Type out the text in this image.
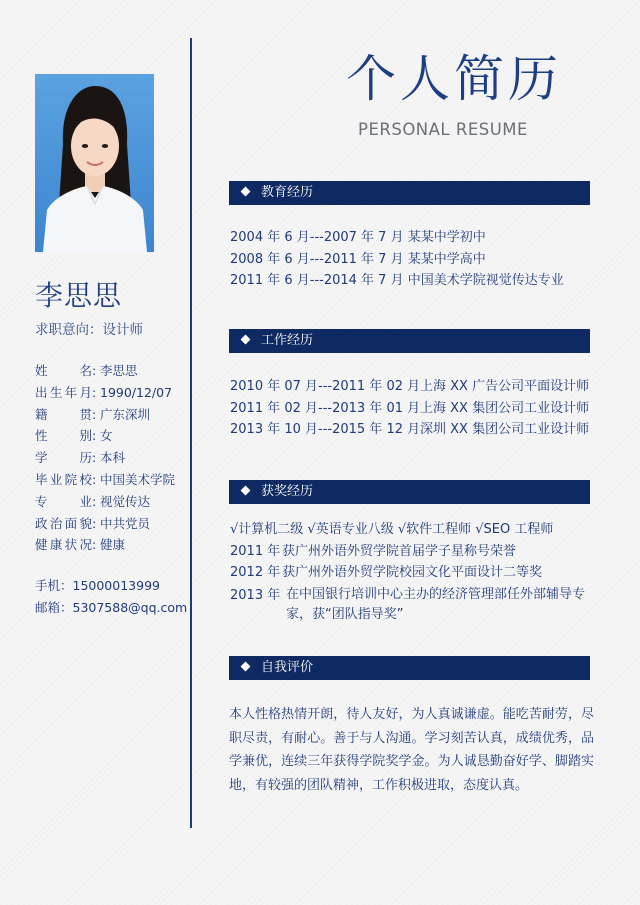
李思思
求职意向：设计师
姓名 : 李思思
出生年月 : 1990/12/07
籍贯 : 广东深圳
性别 : 女
学历 : 本科
毕业院校 : 中国美术学院
专业 : 视觉传达
政治面貌 : 中共党员
健康状况 : 健康
手机：15000013999
邮箱：5307588@qq.com
个人简历
PERSONAL RESUME
教育经历
2004 年 6 月---2007 年 7 月 某某中学初中
2008 年 6 月---2011 年 7 月 某某中学高中
2011 年 6 月---2014 年 7 月 中国美术学院视觉传达专业
工作经历
2010 年 07 月---2011 年 02 月 上海 XX 广告公司平面设计师
2011 年 02 月---2013 年 01 月 上海 XX 集团公司工业设计师
2013 年 10 月---2015 年 12 月 深圳 XX 集团公司工业设计师
获奖经历
√计算机二级 √英语专业八级 √软件工程师 √SEO 工程师
2011 年 获广州外语外贸学院首届学子星称号荣誉
2012 年 获广州外语外贸学院校园文化平面设计二等奖
2013 年 在中国银行培训中心主办的经济管理部任外部辅导专家，获“团队指导奖”
自我评价
本人性格热情开朗，待人友好，为人真诚谦虚。能吃苦耐劳，尽职尽责，有耐心。善于与人沟通。学习刻苦认真，成绩优秀，品学兼优，连续三年获得学院奖学金。为人诚恳勤奋好学、脚踏实地，有较强的团队精神，工作积极进取，态度认真。
